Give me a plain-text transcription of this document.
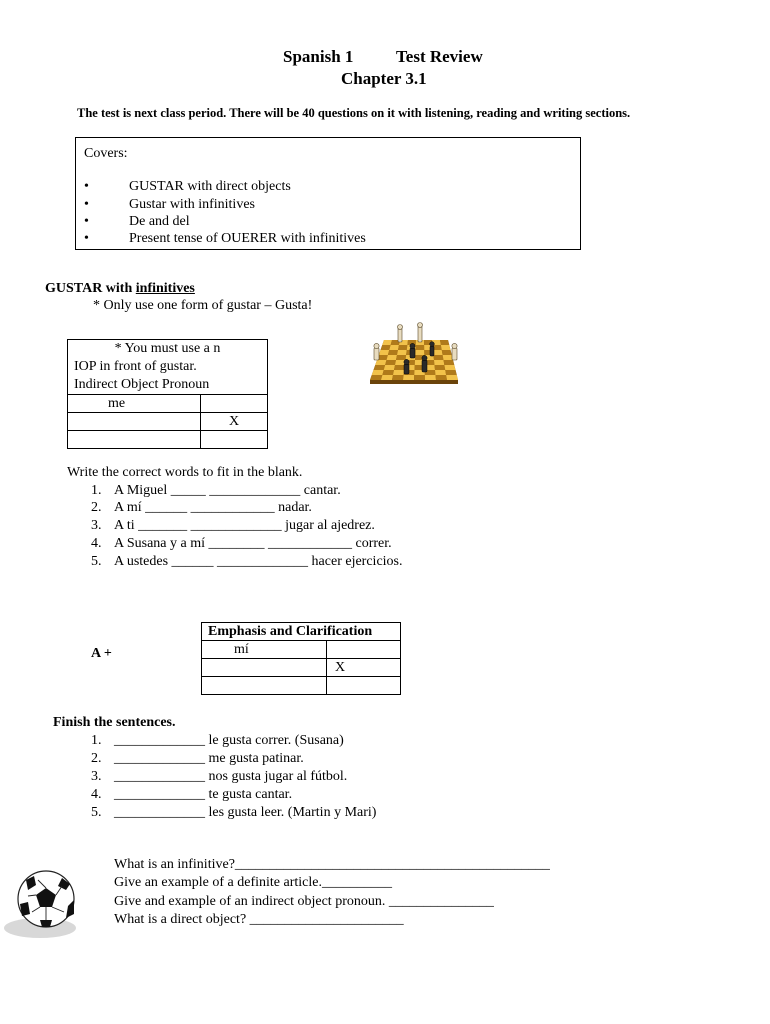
Spanish 1	Test Review
Chapter 3.1
The test is next class period. There will be 40 questions on it with listening, reading and writing sections.
Covers:
•	GUSTAR with direct objects
•	Gustar with infinitives
•	De and del
•	Present tense of OUERER with infinitives
GUSTAR with infinitives
* Only use one form of gustar – Gusta!
* You must use a n
IOP in front of gustar.
Indirect Object Pronoun	

me	
	X

Write the correct words to fit in the blank.
1. A Miguel _____ _____________ cantar.
2. A mí ______ ____________ nadar.
3. A ti _______ _____________ jugar al ajedrez.
4. A Susana y a mí ________ ____________ correr.
5. A ustedes ______ _____________ hacer ejercicios.
A +
Emphasis and Clarification	
mí	
	X

Finish the sentences.
1. _____________ le gusta correr. (Susana)
2. _____________ me gusta patinar.
3. _____________ nos gusta jugar al fútbol.
4. _____________ te gusta cantar.
5. _____________ les gusta leer. (Martin y Mari)
What is an infinitive?_____________________________________________
Give an example of a definite article.__________
Give and example of an indirect object pronoun. _______________
What is a direct object? ______________________
